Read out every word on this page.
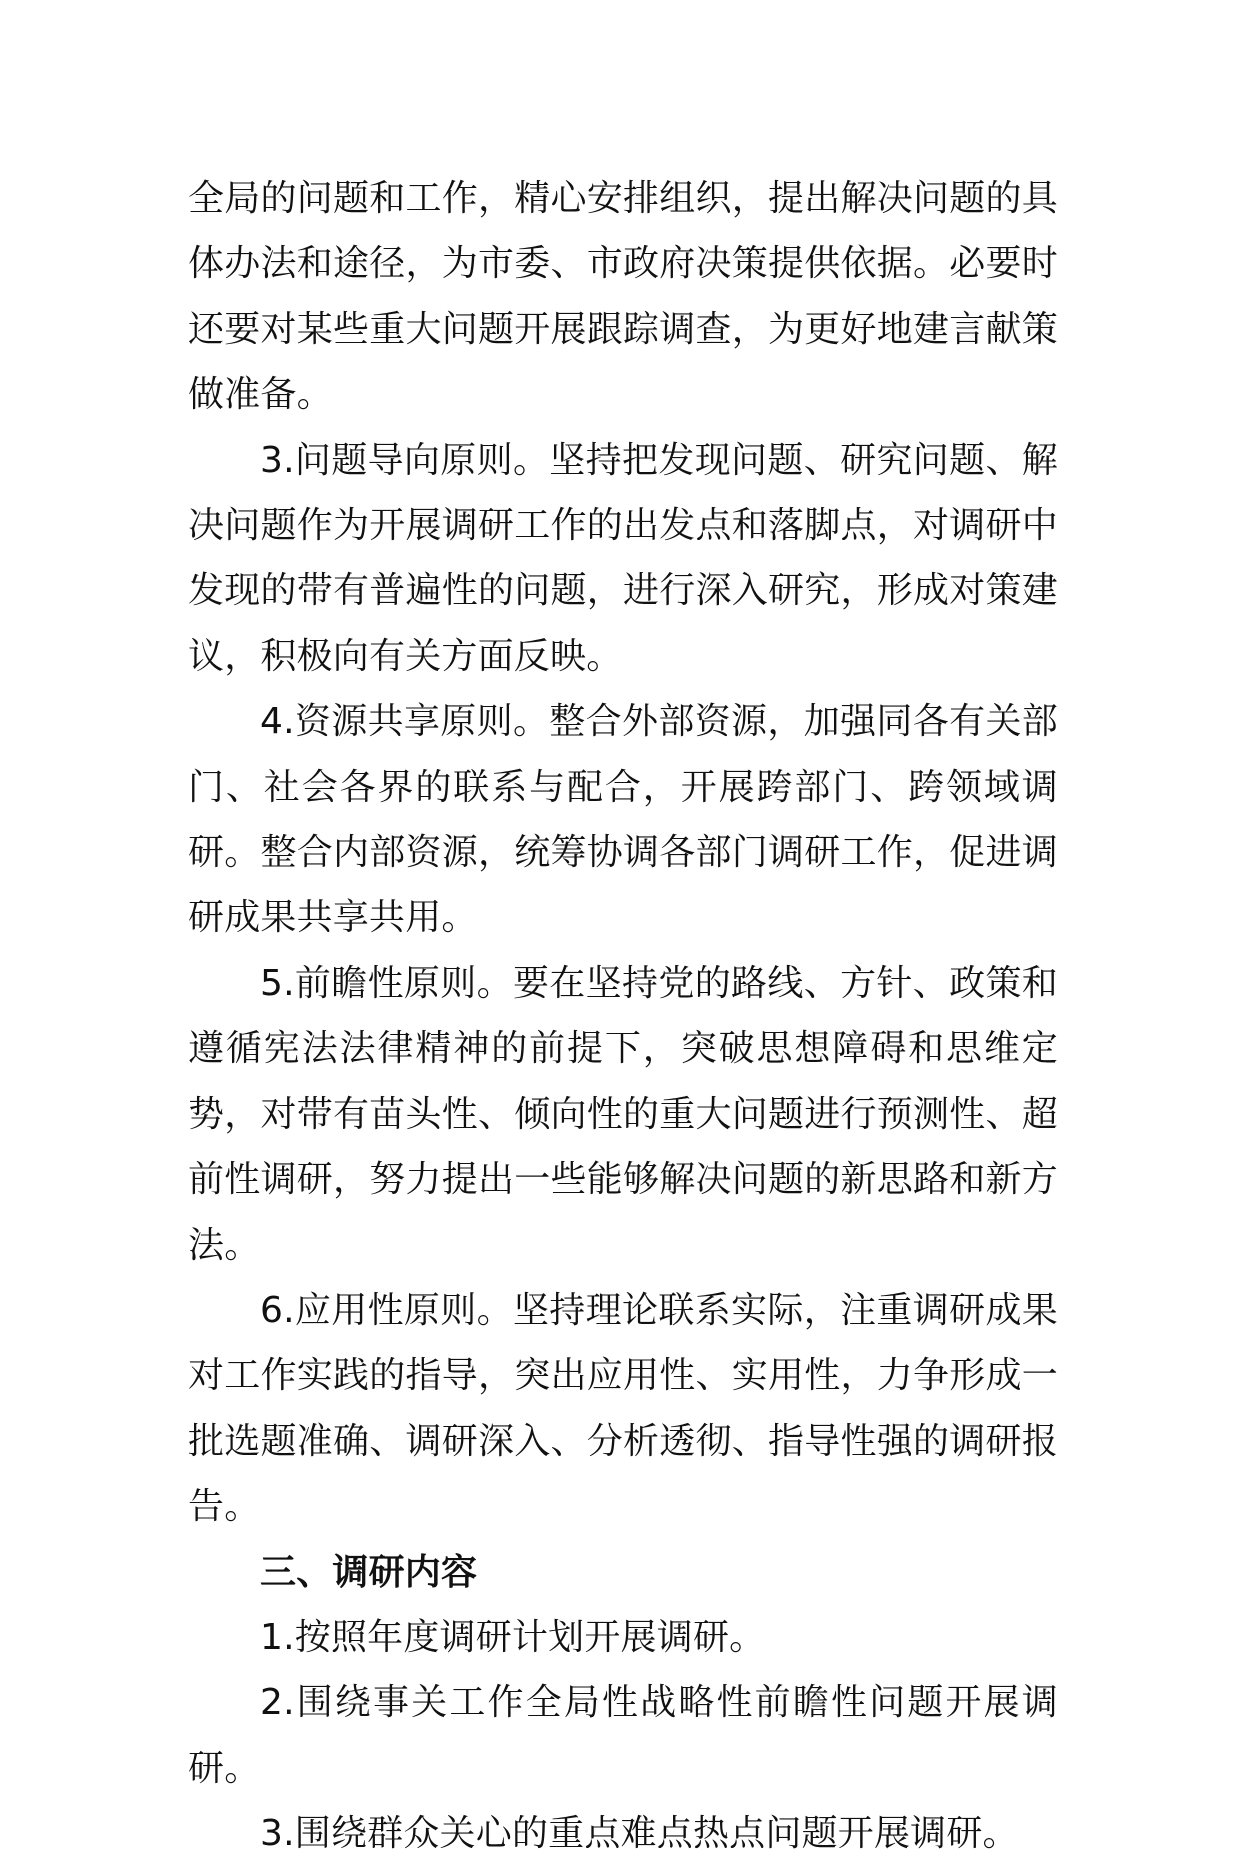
全局的问题和工作，精心安排组织，提出解决问题的具体办法和途径，为市委、市政府决策提供依据。必要时还要对某些重大问题开展跟踪调查，为更好地建言献策做准备。

3.问题导向原则。坚持把发现问题、研究问题、解决问题作为开展调研工作的出发点和落脚点，对调研中发现的带有普遍性的问题，进行深入研究，形成对策建议，积极向有关方面反映。

4.资源共享原则。整合外部资源，加强同各有关部门、社会各界的联系与配合，开展跨部门、跨领域调研。整合内部资源，统筹协调各部门调研工作，促进调研成果共享共用。

5.前瞻性原则。要在坚持党的路线、方针、政策和遵循宪法法律精神的前提下，突破思想障碍和思维定势，对带有苗头性、倾向性的重大问题进行预测性、超前性调研，努力提出一些能够解决问题的新思路和新方法。

6.应用性原则。坚持理论联系实际，注重调研成果对工作实践的指导，突出应用性、实用性，力争形成一批选题准确、调研深入、分析透彻、指导性强的调研报告。

三、调研内容

1.按照年度调研计划开展调研。

2.围绕事关工作全局性战略性前瞻性问题开展调研。

3.围绕群众关心的重点难点热点问题开展调研。
